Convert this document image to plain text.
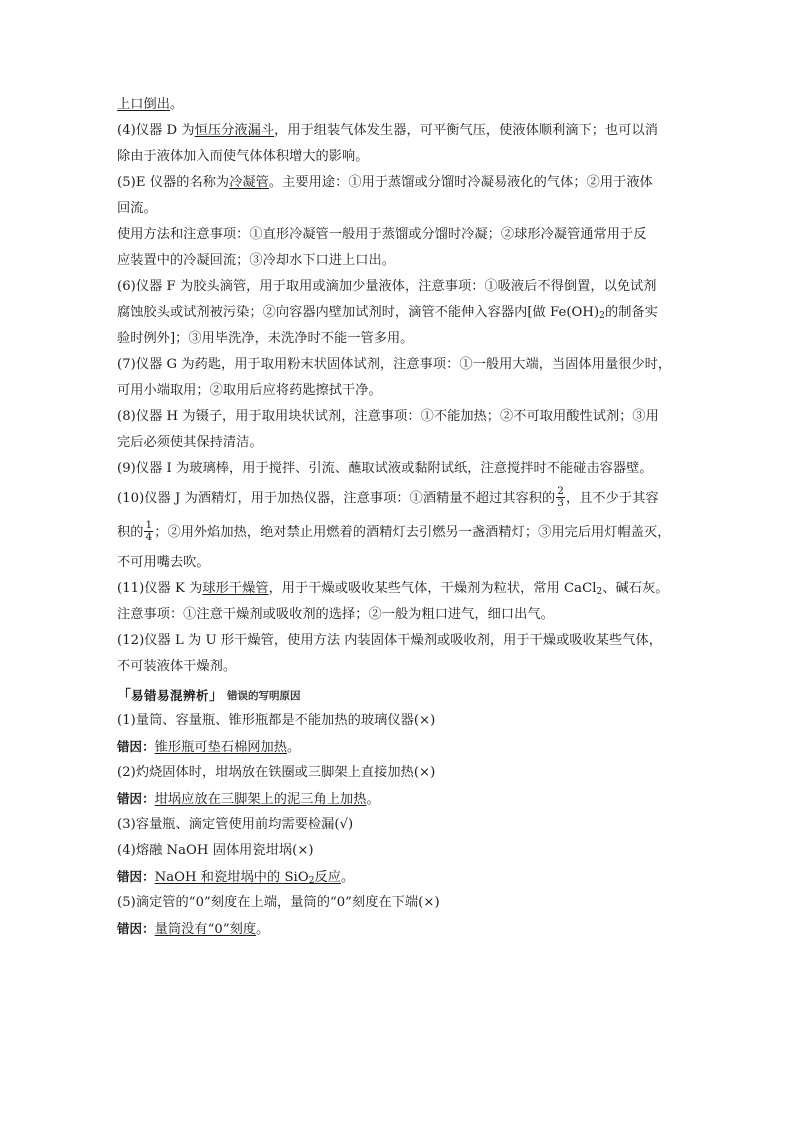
上口倒出。
(4)仪器 D 为恒压分液漏斗，用于组装气体发生器，可平衡气压，使液体顺利滴下；也可以消
除由于液体加入而使气体体积增大的影响。
(5)E 仪器的名称为冷凝管。主要用途：①用于蒸馏或分馏时冷凝易液化的气体；②用于液体
回流。
使用方法和注意事项：①直形冷凝管一般用于蒸馏或分馏时冷凝；②球形冷凝管通常用于反
应装置中的冷凝回流；③冷却水下口进上口出。
(6)仪器 F 为胶头滴管，用于取用或滴加少量液体，注意事项：①吸液后不得倒置，以免试剂
腐蚀胶头或试剂被污染；②向容器内壁加试剂时，滴管不能伸入容器内[做 $Fe(OH)_2$的制备实
验时例外]；③用毕洗净，未洗净时不能一管多用。
(7)仪器 G 为药匙，用于取用粉末状固体试剂，注意事项：①一般用大端，当固体用量很少时，
可用小端取用；②取用后应将药匙擦拭干净。
(8)仪器 H 为镊子，用于取用块状试剂，注意事项：①不能加热；②不可取用酸性试剂；③用
完后必须使其保持清洁。
(9)仪器 I 为玻璃棒，用于搅拌、引流、蘸取试液或黏附试纸，注意搅拌时不能碰击容器壁。
(10)仪器 J 为酒精灯，用于加热仪器，注意事项：①酒精量不超过其容积的 $\frac{2}{3}$ ，且不少于其容
积的 $\frac{1}{4}$ ；②用外焰加热，绝对禁止用燃着的酒精灯去引燃另一盏酒精灯；③用完后用灯帽盖灭，
不可用嘴去吹。
(11)仪器 K 为球形干燥管，用于干燥或吸收某些气体，干燥剂为粒状，常用 CaCl$_2$、碱石灰。
注意事项：①注意干燥剂或吸收剂的选择；②一般为粗口进气，细口出气。
(12)仪器 L 为 U 形干燥管，使用方法 内装固体干燥剂或吸收剂，用于干燥或吸收某些气体，
不可装液体干燥剂。
「 易错易混辨析 」 错误的写明原因
(1)量筒、容量瓶、锥形瓶都是不能加热的玻璃仪器(×)
错因：锥形瓶可垫石棉网加热。
(2)灼烧固体时，坩埚放在铁圈或三脚架上直接加热(×)
错因：坩埚应放在三脚架上的泥三角上加热。
(3)容量瓶、滴定管使用前均需要检漏(√)
(4)熔融 NaOH 固体用瓷坩埚(×)
错因：NaOH 和瓷坩埚中的 SiO$_2$反应。
(5)滴定管的“0”刻度在上端，量筒的“0”刻度在下端(×)
错因：量筒没有“0”刻度。
